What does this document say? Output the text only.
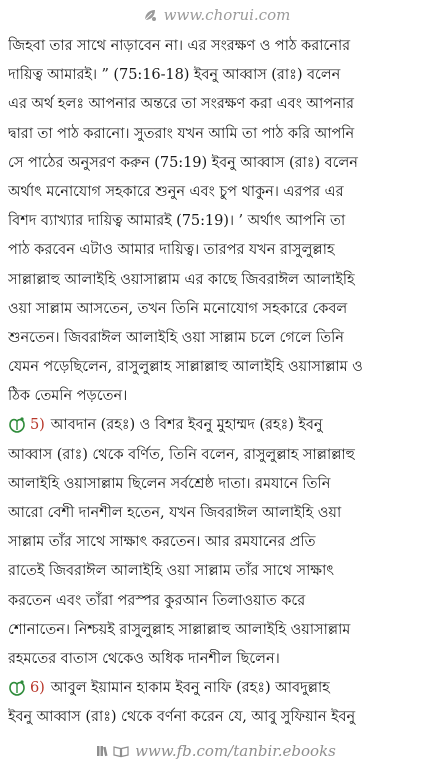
www.chorui.com
জিহবা তার সাথে নাড়াবেন না। এর সংরক্ষণ ও পাঠ করানোর
দায়িত্ব আমারই। ” (75:16-18) ইবনু আব্বাস (রাঃ) বলেন
এর অর্থ হলঃ আপনার অন্তরে তা সংরক্ষণ করা এবং আপনার
দ্বারা তা পাঠ করানো। সুতরাং যখন আমি তা পাঠ করি আপনি
সে পাঠের অনুসরণ করুন (75:19) ইবনু আব্বাস (রাঃ) বলেন
অর্থাৎ মনোযোগ সহকারে শুনুন এবং চুপ থাকুন। এরপর এর
বিশদ ব্যাখ্যার দায়িত্ব আমারই (75:19)। ’ অর্থাৎ আপনি তা
পাঠ করবেন এটাও আমার দায়িত্ব। তারপর যখন রাসুলুল্লাহ
সাল্লাল্লাহু আলাইহি ওয়াসাল্লাম এর কাছে জিবরাঈল আলাইহি
ওয়া সাল্লাম আসতেন, তখন তিনি মনোযোগ সহকারে কেবল
শুনতেন। জিবরাঈল আলাইহি ওয়া সাল্লাম চলে গেলে তিনি
যেমন পড়েছিলেন, রাসুলুল্লাহ সাল্লাল্লাহু আলাইহি ওয়াসাল্লাম ও
ঠিক তেমনি পড়তেন।
5) আবদান (রহঃ) ও বিশর ইবনু মুহাম্মদ (রহঃ) ইবনু
আব্বাস (রাঃ) থেকে বর্ণিত, তিনি বলেন, রাসুলুল্লাহ সাল্লাল্লাহু
আলাইহি ওয়াসাল্লাম ছিলেন সর্বশ্রেষ্ঠ দাতা। রমযানে তিনি
আরো বেশী দানশীল হতেন, যখন জিবরাঈল আলাইহি ওয়া
সাল্লাম তাঁর সাথে সাক্ষাৎ করতেন। আর রমযানের প্রতি
রাতেই জিবরাঈল আলাইহি ওয়া সাল্লাম তাঁর সাথে সাক্ষাৎ
করতেন এবং তাঁরা পরস্পর কুরআন তিলাওয়াত করে
শোনাতেন। নিশ্চয়ই রাসুলুল্লাহ সাল্লাল্লাহু আলাইহি ওয়াসাল্লাম
রহমতের বাতাস থেকেও অধিক দানশীল ছিলেন।
6) আবুল ইয়ামান হাকাম ইবনু নাফি (রহঃ) আবদুল্লাহ
ইবনু আব্বাস (রাঃ) থেকে বর্ণনা করেন যে, আবু সুফিয়ান ইবনু
www.fb.com/tanbir.ebooks
